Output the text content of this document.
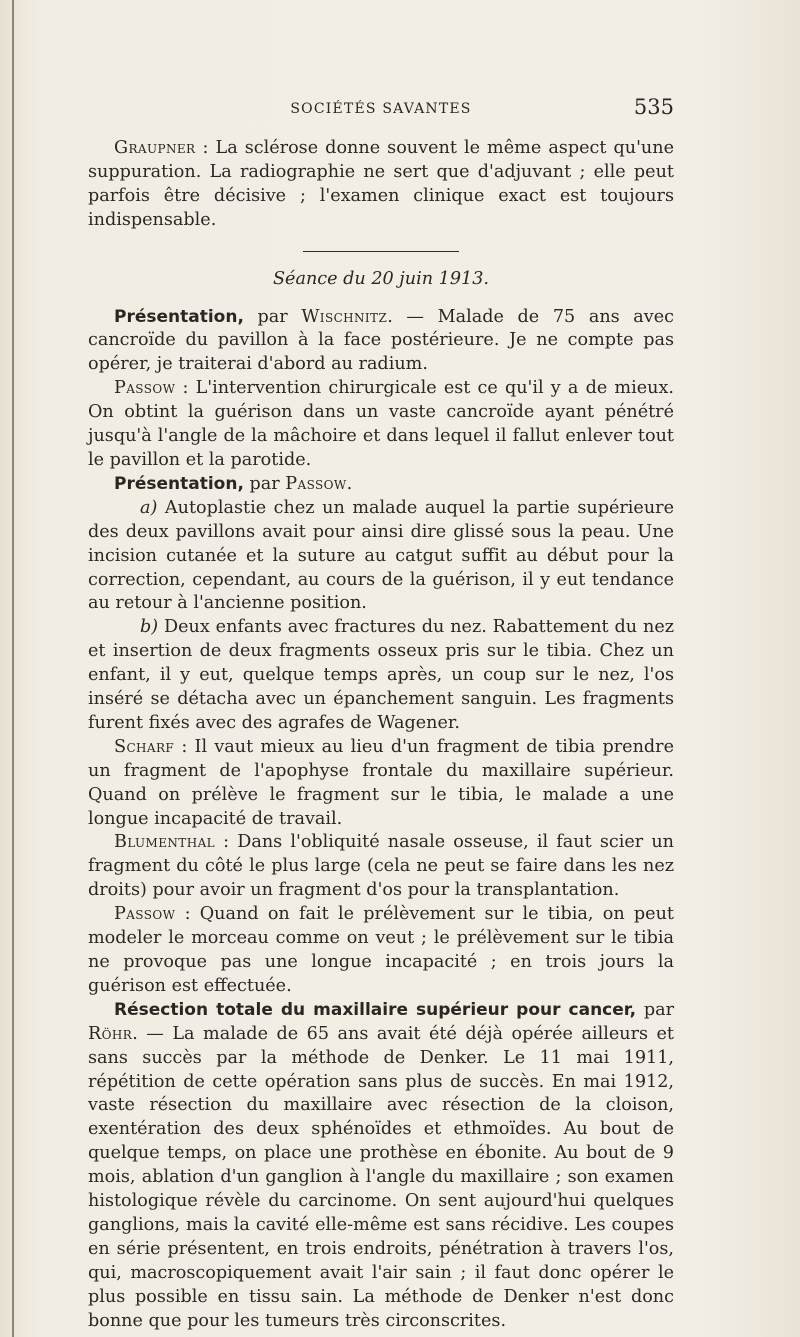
SOCIÉTÉS SAVANTES	535

Graupner : La sclérose donne souvent le même aspect qu'une suppuration. La radiographie ne sert que d'adjuvant ; elle peut parfois être décisive ; l'examen clinique exact est toujours indispensable.

Séance du 20 juin 1913.

Présentation, par Wischnitz. — Malade de 75 ans avec cancroïde du pavillon à la face postérieure. Je ne compte pas opérer, je traiterai d'abord au radium.

Passow : L'intervention chirurgicale est ce qu'il y a de mieux. On obtint la guérison dans un vaste cancroïde ayant pénétré jusqu'à l'angle de la mâchoire et dans lequel il fallut enlever tout le pavillon et la parotide.

Présentation, par Passow.

a) Autoplastie chez un malade auquel la partie supérieure des deux pavillons avait pour ainsi dire glissé sous la peau. Une incision cutanée et la suture au catgut suffit au début pour la correction, cependant, au cours de la guérison, il y eut tendance au retour à l'ancienne position.

b) Deux enfants avec fractures du nez. Rabattement du nez et insertion de deux fragments osseux pris sur le tibia. Chez un enfant, il y eut, quelque temps après, un coup sur le nez, l'os inséré se détacha avec un épanchement sanguin. Les fragments furent fixés avec des agrafes de Wagener.

Scharf : Il vaut mieux au lieu d'un fragment de tibia prendre un fragment de l'apophyse frontale du maxillaire supérieur. Quand on prélève le fragment sur le tibia, le malade a une longue incapacité de travail.

Blumenthal : Dans l'obliquité nasale osseuse, il faut scier un fragment du côté le plus large (cela ne peut se faire dans les nez droits) pour avoir un fragment d'os pour la transplantation.

Passow : Quand on fait le prélèvement sur le tibia, on peut modeler le morceau comme on veut ; le prélèvement sur le tibia ne provoque pas une longue incapacité ; en trois jours la guérison est effectuée.

Résection totale du maxillaire supérieur pour cancer, par Röhr. — La malade de 65 ans avait été déjà opérée ailleurs et sans succès par la méthode de Denker. Le 11 mai 1911, répétition de cette opération sans plus de succès. En mai 1912, vaste résection du maxillaire avec résection de la cloison, exentération des deux sphénoïdes et ethmoïdes. Au bout de quelque temps, on place une prothèse en ébonite. Au bout de 9 mois, ablation d'un ganglion à l'angle du maxillaire ; son examen histologique révèle du carcinome. On sent aujourd'hui quelques ganglions, mais la cavité elle-même est sans récidive. Les coupes en série présentent, en trois endroits, pénétration à travers l'os, qui, macroscopiquement avait l'air sain ; il faut donc opérer le plus possible en tissu sain. La méthode de Denker n'est donc bonne que pour les tumeurs très circonscrites.
